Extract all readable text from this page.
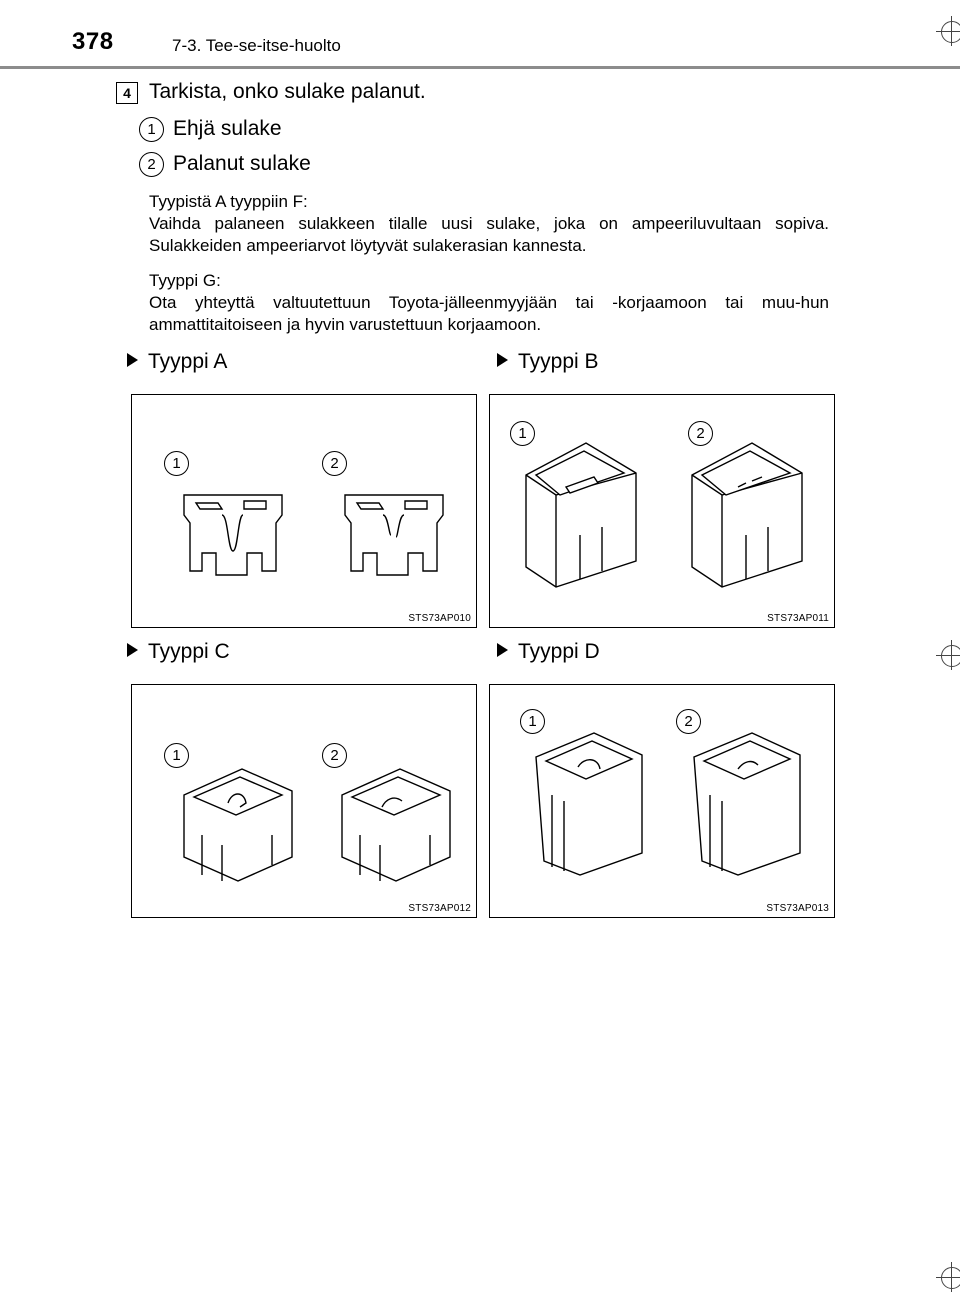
378	7-3. Tee-se-itse-huolto
4 Tarkista, onko sulake palanut.
1 Ehjä sulake
2 Palanut sulake

Tyypistä A tyyppiin F:

Vaihda palaneen sulakkeen tilalle uusi sulake, joka on ampeeriluvultaan sopiva. Sulakkeiden ampeeriarvot löytyvät sulakerasian kannesta.

Tyyppi G:

Ota yhteyttä valtuutettuun Toyota-jälleenmyyjään tai -korjaamoon tai muu-hun ammattitaitoiseen ja hyvin varustettuun korjaamoon.

Tyyppi A	Tyyppi B
Tyyppi C	Tyyppi D
1	2
STS73AP010
1	2
STS73AP011
1	2
STS73AP012
1	2
STS73AP013
